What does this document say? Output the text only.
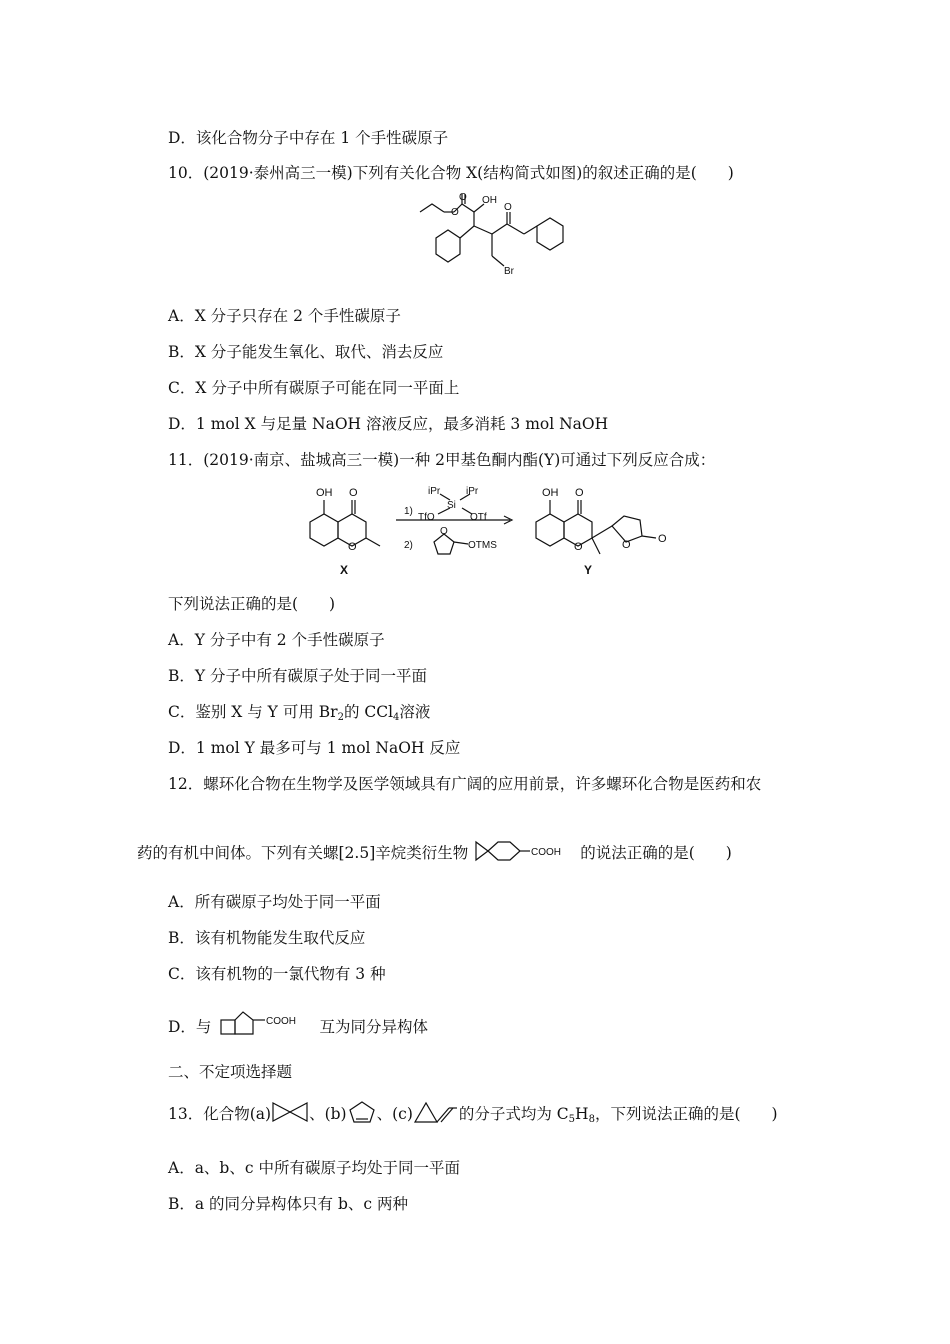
D．该化合物分子中存在 1 个手性碳原子
10．(2019·泰州高三一模)下列有关化合物 X(结构简式如图)的叙述正确的是(　　)
O
O OH
O
Br
A．X 分子只存在 2 个手性碳原子
B．X 分子能发生氧化、取代、消去反应
C．X 分子中所有碳原子可能在同一平面上
D．1 mol X 与足量 NaOH 溶液反应，最多消耗 3 mol NaOH
11．(2019·南京、盐城高三一模)一种 2甲基色酮内酯(Y)可通过下列反应合成：
OH O
O
X
1)
iPr	iPr
Si
TfO	OTf
2)
O
OTMS
OH O
O	O O
Y
下列说法正确的是(　　)
A．Y 分子中有 2 个手性碳原子
B．Y 分子中所有碳原子处于同一平面
C．鉴别 X 与 Y 可用 $Br_2$的 CCl$_4$溶液
D．1 mol Y 最多可与 1 mol NaOH 反应
12．螺环化合物在生物学及医学领域具有广阔的应用前景，许多螺环化合物是医药和农
药的有机中间体。下列有关螺[2.5]辛烷类衍生物	COOH 的说法正确的是(　　)
A．所有碳原子均处于同一平面
B．该有机物能发生取代反应
C．该有机物的一氯代物有 3 种
D．与	COOH 互为同分异构体
二、不定项选择题
13．化合物(a) 、(b) 、(c)	的分子式均为 $C_5H_8$，下列说法正确的是(　　)
A．a、b、c 中所有碳原子均处于同一平面
B．a 的同分异构体只有 b、c 两种
